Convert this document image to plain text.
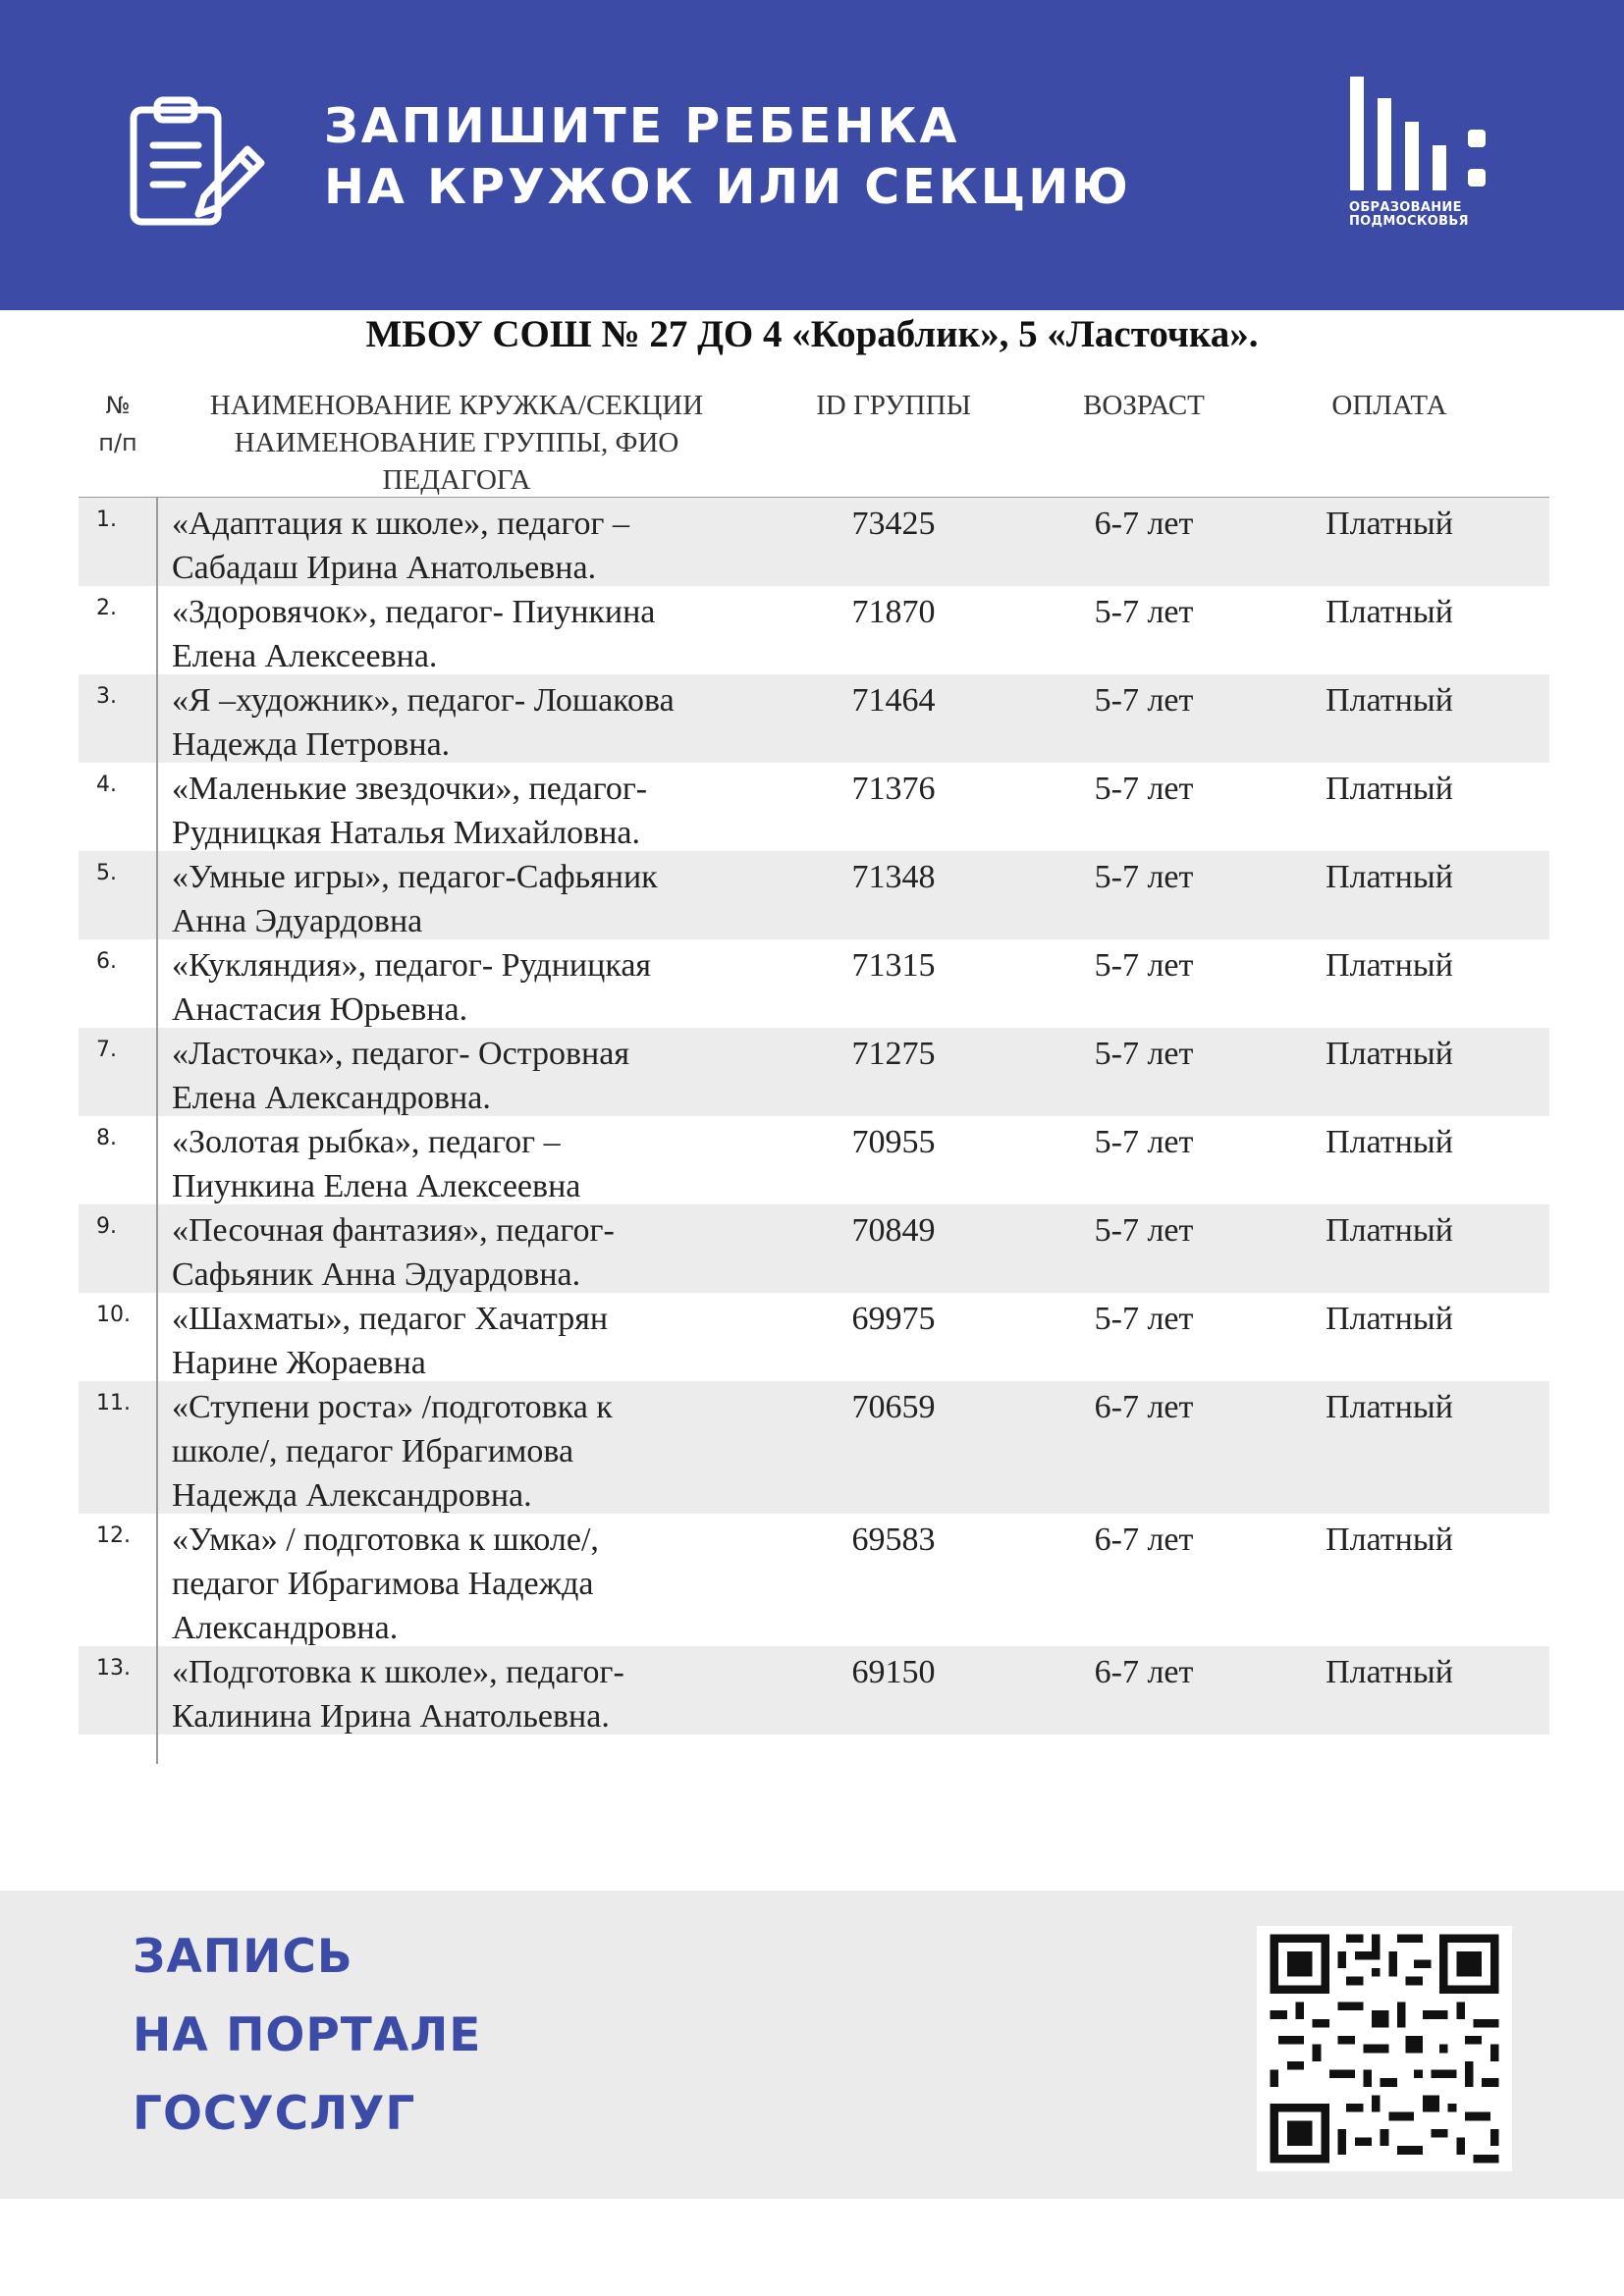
ЗАПИШИТЕ РЕБЕНКА
НА КРУЖОК ИЛИ СЕКЦИЮ	ОБРАЗОВАНИЕ
ПОДМОСКОВЬЯ
МБОУ СОШ № 27 ДО 4 «Кораблик», 5 «Ласточка».
№
п/п
НАИМЕНОВАНИЕ КРУЖКА/СЕКЦИИ
НАИМЕНОВАНИЕ ГРУППЫ, ФИО
ПЕДАГОГА
ID ГРУППЫ	ВОЗРАСТ	ОПЛАТА
1. «Адаптация к школе», педагог –
Сабадаш Ирина Анатольевна.
73425	6-7 лет	Платный
2. «Здоровячок», педагог- Пиункина
Елена Алексеевна.
71870	5-7 лет	Платный
3. «Я –художник», педагог- Лошакова
Надежда Петровна.
71464	5-7 лет	Платный
4. «Маленькие звездочки», педагог-
Рудницкая Наталья Михайловна.
71376	5-7 лет	Платный
5. «Умные игры», педагог-Сафьяник
Анна Эдуардовна
71348	5-7 лет	Платный
6. «Кукляндия», педагог- Рудницкая
Анастасия Юрьевна.
71315	5-7 лет	Платный
7. «Ласточка», педагог- Островная
Елена Александровна.
71275	5-7 лет	Платный
8. «Золотая рыбка», педагог –
Пиункина Елена Алексеевна
70955	5-7 лет	Платный
9. «Песочная фантазия», педагог-
Сафьяник Анна Эдуардовна.
70849	5-7 лет	Платный
10. «Шахматы», педагог Хачатрян
Нарине Жораевна
69975	5-7 лет	Платный
11. «Ступени роста» /подготовка к
школе/, педагог Ибрагимова
Надежда Александровна.
70659	6-7 лет	Платный
12. «Умка» / подготовка к школе/,
педагог Ибрагимова Надежда
Александровна.
69583	6-7 лет	Платный
13. «Подготовка к школе», педагог-
Калинина Ирина Анатольевна.
69150	6-7 лет	Платный
ЗАПИСЬ
НА ПОРТАЛЕ
ГОСУСЛУГ
